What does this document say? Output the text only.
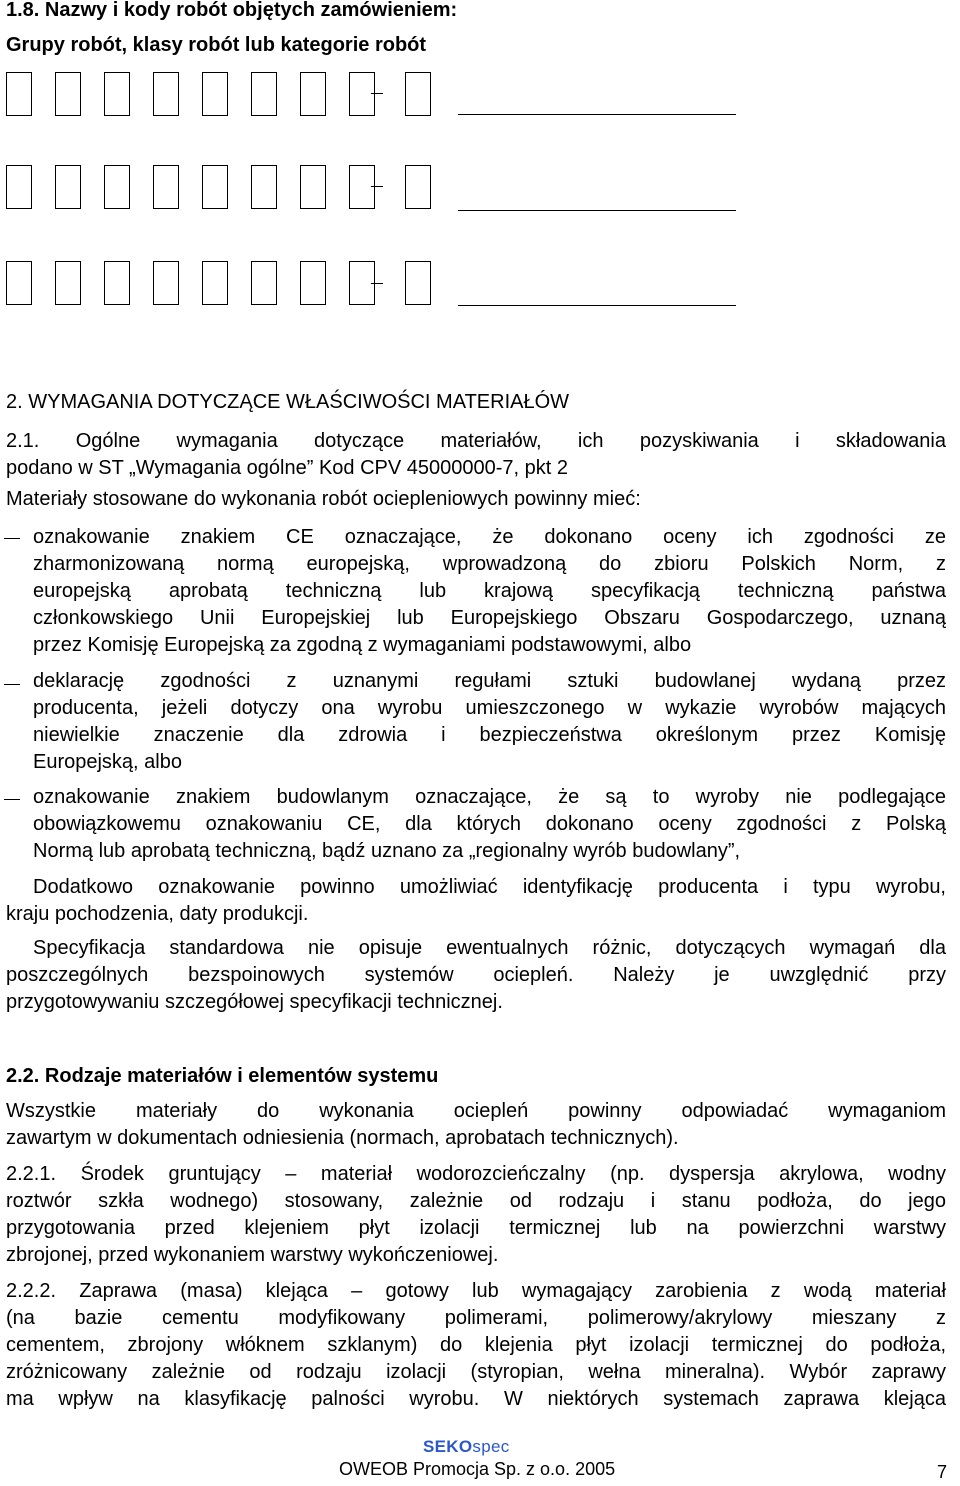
1.8. Nazwy i kody robót objętych zamówieniem:
Grupy robót, klasy robót lub kategorie robót
2. WYMAGANIA DOTYCZĄCE WŁAŚCIWOŚCI MATERIAŁÓW
2.1. Ogólne wymagania dotyczące materiałów, ich pozyskiwania i składowania
podano w ST „Wymagania ogólne” Kod CPV 45000000-7, pkt 2
Materiały stosowane do wykonania robót ociepleniowych powinny mieć:
oznakowanie znakiem CE oznaczające, że dokonano oceny ich zgodności ze
zharmonizowaną normą europejską, wprowadzoną do zbioru Polskich Norm, z
europejską aprobatą techniczną lub krajową specyfikacją techniczną państwa
członkowskiego Unii Europejskiej lub Europejskiego Obszaru Gospodarczego, uznaną
przez Komisję Europejską za zgodną z wymaganiami podstawowymi, albo
deklarację zgodności z uznanymi regułami sztuki budowlanej wydaną przez
producenta, jeżeli dotyczy ona wyrobu umieszczonego w wykazie wyrobów mających
niewielkie znaczenie dla zdrowia i bezpieczeństwa określonym przez Komisję
Europejską, albo
oznakowanie znakiem budowlanym oznaczające, że są to wyroby nie podlegające
obowiązkowemu oznakowaniu CE, dla których dokonano oceny zgodności z Polską
Normą lub aprobatą techniczną, bądź uznano za „regionalny wyrób budowlany”,
Dodatkowo oznakowanie powinno umożliwiać identyfikację producenta i typu wyrobu,
kraju pochodzenia, daty produkcji.
Specyfikacja standardowa nie opisuje ewentualnych różnic, dotyczących wymagań dla
poszczególnych bezspoinowych systemów ociepleń. Należy je uwzględnić przy
przygotowywaniu szczegółowej specyfikacji technicznej.
2.2. Rodzaje materiałów i elementów systemu
Wszystkie materiały do wykonania ociepleń powinny odpowiadać wymaganiom
zawartym w dokumentach odniesienia (normach, aprobatach technicznych).
2.2.1. Środek gruntujący – materiał wodorozcieńczalny (np. dyspersja akrylowa, wodny
roztwór szkła wodnego) stosowany, zależnie od rodzaju i stanu podłoża, do jego
przygotowania przed klejeniem płyt izolacji termicznej lub na powierzchni warstwy
zbrojonej, przed wykonaniem warstwy wykończeniowej.
2.2.2. Zaprawa (masa) klejąca – gotowy lub wymagający zarobienia z wodą materiał
(na bazie cementu modyfikowany polimerami, polimerowy/akrylowy mieszany z
cementem, zbrojony włóknem szklanym) do klejenia płyt izolacji termicznej do podłoża,
zróżnicowany zależnie od rodzaju izolacji (styropian, wełna mineralna). Wybór zaprawy
ma wpływ na klasyfikację palności wyrobu. W niektórych systemach zaprawa klejąca
SEKOspec
OWEOB Promocja Sp. z o.o. 2005	7
